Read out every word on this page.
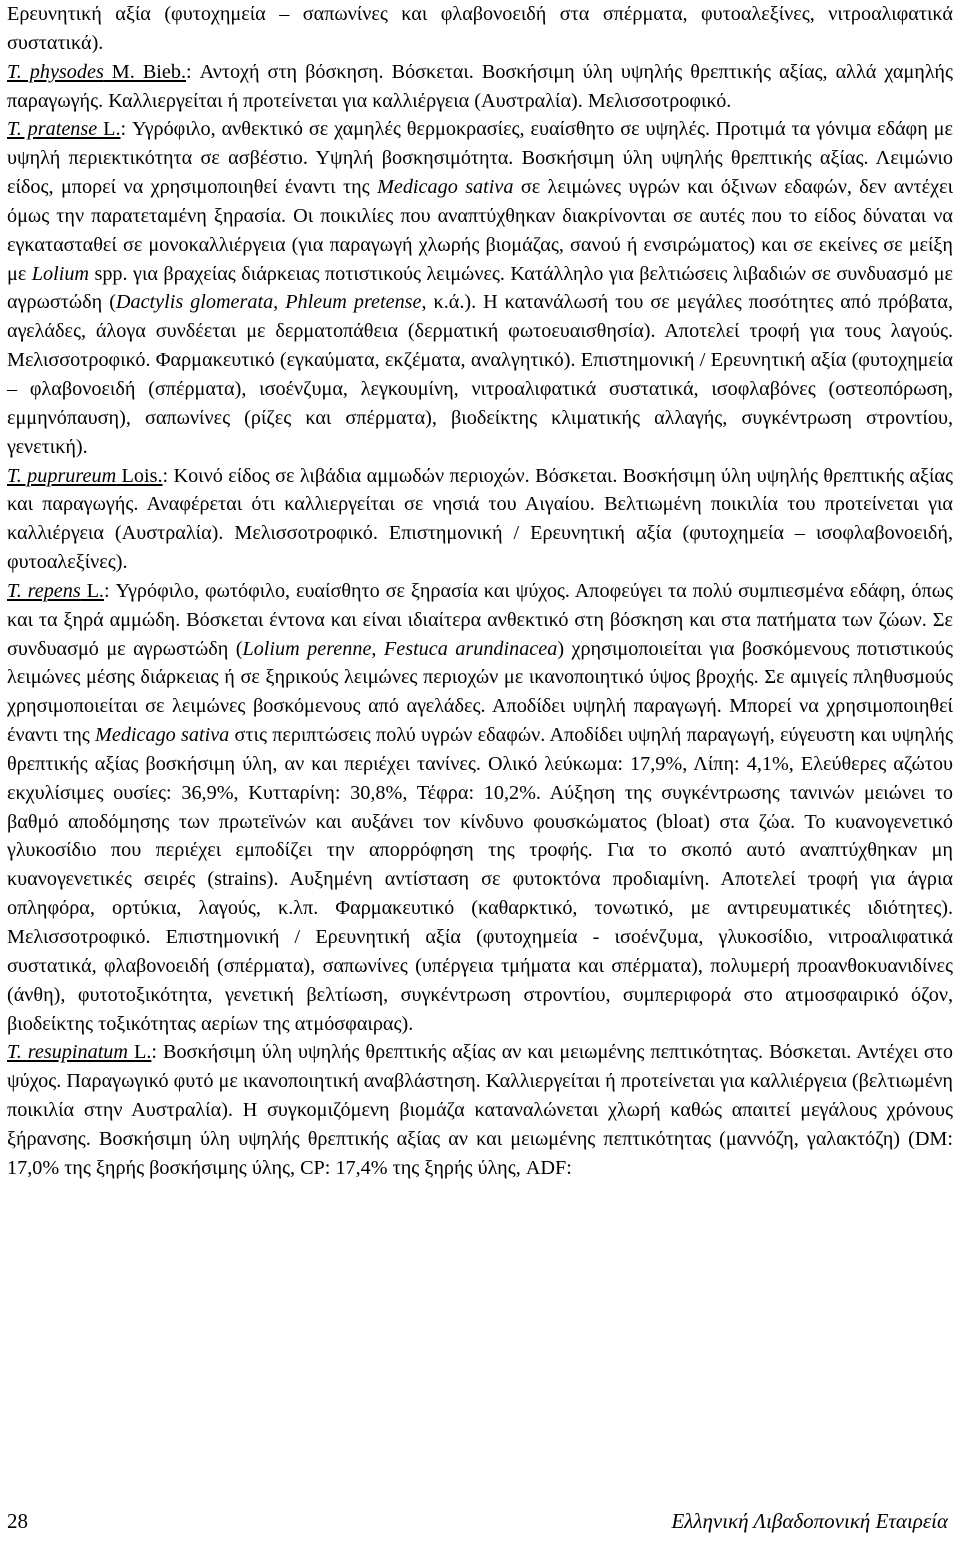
Ερευνητική αξία (φυτοχημεία – σαπωνίνες και φλαβονοειδή στα σπέρματα, φυτοαλεξίνες, νιτροαλιφατικά συστατικά).

T. physodes M. Bieb.: Αντοχή στη βόσκηση. Βόσκεται. Βοσκήσιμη ύλη υψηλής θρεπτικής αξίας, αλλά χαμηλής παραγωγής. Καλλιεργείται ή προτείνεται για καλλιέργεια (Αυστραλία). Μελισσοτροφικό.

T. pratense L.: Υγρόφιλο, ανθεκτικό σε χαμηλές θερμοκρασίες, ευαίσθητο σε υψηλές. Προτιμά τα γόνιμα εδάφη με υψηλή περιεκτικότητα σε ασβέστιο. Υψηλή βοσκησιμότητα. Βοσκήσιμη ύλη υψηλής θρεπτικής αξίας. Λειμώνιο είδος, μπορεί να χρησιμοποιηθεί έναντι της Medicago sativa σε λειμώνες υγρών και όξινων εδαφών, δεν αντέχει όμως την παρατεταμένη ξηρασία. Οι ποικιλίες που αναπτύχθηκαν διακρίνονται σε αυτές που το είδος δύναται να εγκατασταθεί σε μονοκαλλιέργεια (για παραγωγή χλωρής βιομάζας, σανού ή ενσιρώματος) και σε εκείνες σε μείξη με Lolium spp. για βραχείας διάρκειας ποτιστικούς λειμώνες. Κατάλληλο για βελτιώσεις λιβαδιών σε συνδυασμό με αγρωστώδη (Dactylis glomerata, Phleum pretense, κ.ά.). Η κατανάλωσή του σε μεγάλες ποσότητες από πρόβατα, αγελάδες, άλογα συνδέεται με δερματοπάθεια (δερματική φωτοευαισθησία). Αποτελεί τροφή για τους λαγούς. Μελισσοτροφικό. Φαρμακευτικό (εγκαύματα, εκζέματα, αναλγητικό). Επιστημονική / Ερευνητική αξία (φυτοχημεία – φλαβονοειδή (σπέρματα), ισοένζυμα, λεγκουμίνη, νιτροαλιφατικά συστατικά, ισοφλαβόνες (οστεοπόρωση, εμμηνόπαυση), σαπωνίνες (ρίζες και σπέρματα), βιοδείκτης κλιματικής αλλαγής, συγκέντρωση στροντίου, γενετική).

T. puprureum Lois.: Κοινό είδος σε λιβάδια αμμωδών περιοχών. Βόσκεται. Βοσκήσιμη ύλη υψηλής θρεπτικής αξίας και παραγωγής. Αναφέρεται ότι καλλιεργείται σε νησιά του Αιγαίου. Βελτιωμένη ποικιλία του προτείνεται για καλλιέργεια (Αυστραλία). Μελισσοτροφικό. Επιστημονική / Ερευνητική αξία (φυτοχημεία – ισοφλαβονοειδή, φυτοαλεξίνες).

T. repens L.: Υγρόφιλο, φωτόφιλο, ευαίσθητο σε ξηρασία και ψύχος. Αποφεύγει τα πολύ συμπιεσμένα εδάφη, όπως και τα ξηρά αμμώδη. Βόσκεται έντονα και είναι ιδιαίτερα ανθεκτικό στη βόσκηση και στα πατήματα των ζώων. Σε συνδυασμό με αγρωστώδη (Lolium perenne, Festuca arundinacea) χρησιμοποιείται για βοσκόμενους ποτιστικούς λειμώνες μέσης διάρκειας ή σε ξηρικούς λειμώνες περιοχών με ικανοποιητικό ύψος βροχής. Σε αμιγείς πληθυσμούς χρησιμοποιείται σε λειμώνες βοσκόμενους από αγελάδες. Αποδίδει υψηλή παραγωγή. Μπορεί να χρησιμοποιηθεί έναντι της Medicago sativa στις περιπτώσεις πολύ υγρών εδαφών. Αποδίδει υψηλή παραγωγή, εύγευστη και υψηλής θρεπτικής αξίας βοσκήσιμη ύλη, αν και περιέχει τανίνες. Ολικό λεύκωμα: 17,9%, Λίπη: 4,1%, Ελεύθερες αζώτου εκχυλίσιμες ουσίες: 36,9%, Κυτταρίνη: 30,8%, Τέφρα: 10,2%. Αύξηση της συγκέντρωσης τανινών μειώνει το βαθμό αποδόμησης των πρωτεϊνών και αυξάνει τον κίνδυνο φουσκώματος (bloat) στα ζώα. Το κυανογενετικό γλυκοσίδιο που περιέχει εμποδίζει την απορρόφηση της τροφής. Για το σκοπό αυτό αναπτύχθηκαν μη κυανογενετικές σειρές (strains). Αυξημένη αντίσταση σε φυτοκτόνα προδιαμίνη. Αποτελεί τροφή για άγρια οπληφόρα, ορτύκια, λαγούς, κ.λπ. Φαρμακευτικό (καθαρκτικό, τονωτικό, με αντιρευματικές ιδιότητες). Μελισσοτροφικό. Επιστημονική / Ερευνητική αξία (φυτοχημεία - ισοένζυμα, γλυκοσίδιο, νιτροαλιφατικά συστατικά, φλαβονοειδή (σπέρματα), σαπωνίνες (υπέργεια τμήματα και σπέρματα), πολυμερή προανθοκυανιδίνες (άνθη), φυτοτοξικότητα, γενετική βελτίωση, συγκέντρωση στροντίου, συμπεριφορά στο ατμοσφαιρικό όζον, βιοδείκτης τοξικότητας αερίων της ατμόσφαιρας).

T. resupinatum L.: Βοσκήσιμη ύλη υψηλής θρεπτικής αξίας αν και μειωμένης πεπτικότητας. Βόσκεται. Αντέχει στο ψύχος. Παραγωγικό φυτό με ικανοποιητική αναβλάστηση. Καλλιεργείται ή προτείνεται για καλλιέργεια (βελτιωμένη ποικιλία στην Αυστραλία). Η συγκομιζόμενη βιομάζα καταναλώνεται χλωρή καθώς απαιτεί μεγάλους χρόνους ξήρανσης. Βοσκήσιμη ύλη υψηλής θρεπτικής αξίας αν και μειωμένης πεπτικότητας (μαννόζη, γαλακτόζη) (DM: 17,0% της ξηρής βοσκήσιμης ύλης, CP: 17,4% της ξηρής ύλης, ADF:

28	Ελληνική Λιβαδοπονική Εταιρεία
